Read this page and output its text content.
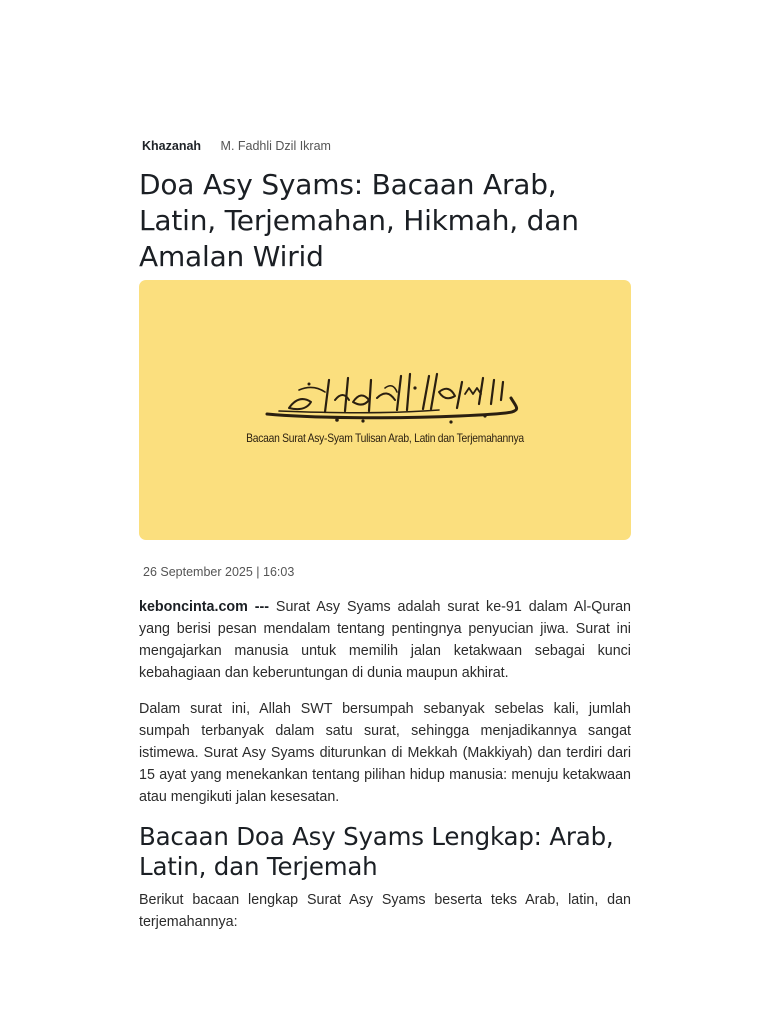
Khazanah M. Fadhli Dzil Ikram
Doa Asy Syams: Bacaan Arab, Latin, Terjemahan, Hikmah, dan Amalan Wirid
Bacaan Surat Asy-Syam Tulisan Arab, Latin dan Terjemahannya
26 September 2025 | 16:03

keboncinta.com --- Surat Asy Syams adalah surat ke-91 dalam Al-Quran yang berisi pesan mendalam tentang pentingnya penyucian jiwa. Surat ini mengajarkan manusia untuk memilih jalan ketakwaan sebagai kunci kebahagiaan dan keberuntungan di dunia maupun akhirat.

Dalam surat ini, Allah SWT bersumpah sebanyak sebelas kali, jumlah sumpah terbanyak dalam satu surat, sehingga menjadikannya sangat istimewa. Surat Asy Syams diturunkan di Mekkah (Makkiyah) dan terdiri dari 15 ayat yang menekankan tentang pilihan hidup manusia: menuju ketakwaan atau mengikuti jalan kesesatan.

Bacaan Doa Asy Syams Lengkap: Arab, Latin, dan Terjemah

Berikut bacaan lengkap Surat Asy Syams beserta teks Arab, latin, dan terjemahannya:
